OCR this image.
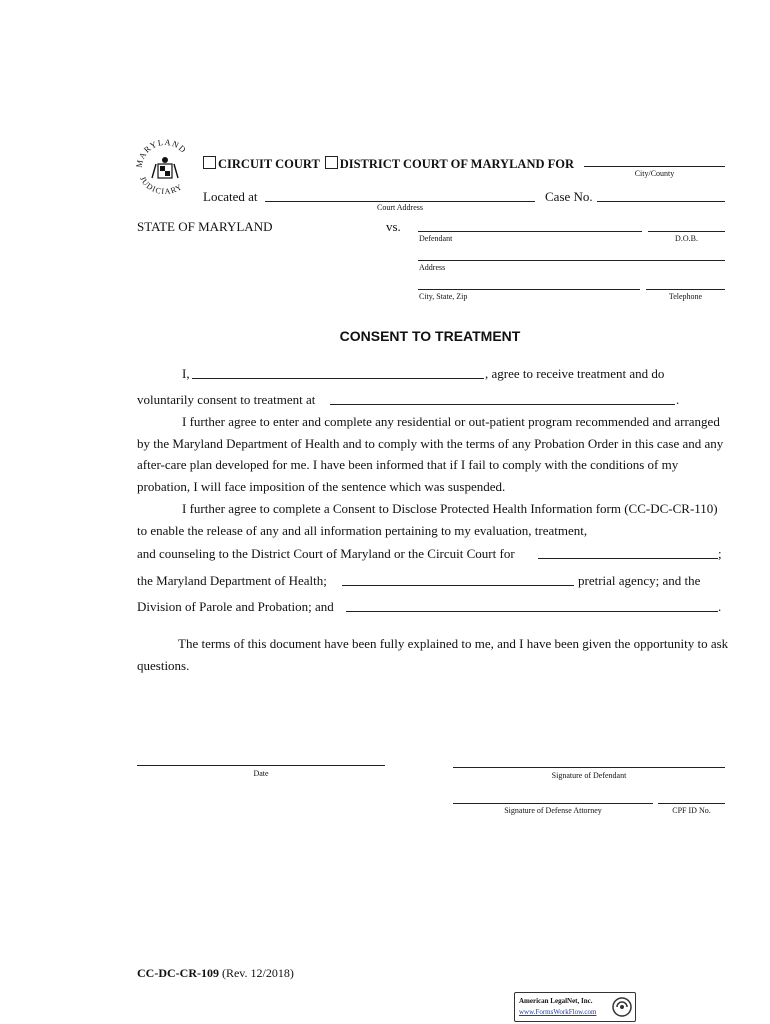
ARYLAND
JUDICIARY
CIRCUIT COURT DISTRICT COURT OF MARYLAND FOR
City/County
Located at
Court Address
Case No.
STATE OF MARYLAND	vs.
Defendant	D.O.B.
Address
City, State, Zip	Telephone
CONSENT TO TREATMENT
I,	, agree to receive treatment and do
voluntarily consent to treatment at	.
I further agree to enter and complete any residential or out-patient program recommended and arranged by the Maryland Department of Health and to comply with the terms of any Probation Order in this case and any after-care plan developed for me. I have been informed that if I fail to comply with the conditions of my probation, I will face imposition of the sentence which was suspended.
I further agree to complete a Consent to Disclose Protected Health Information form (CC-DC-CR-110) to enable the release of any and all information pertaining to my evaluation, treatment,
and counseling to the District Court of Maryland or the Circuit Court for	;
the Maryland Department of Health;	pretrial agency; and the
Division of Parole and Probation; and	.
The terms of this document have been fully explained to me, and I have been given the opportunity to ask questions.
Date	Signature of Defendant
Signature of Defense Attorney	CPF ID No.
CC-DC-CR-109 (Rev. 12/2018)
American LegalNet, Inc.
www.FormsWorkFlow.com
